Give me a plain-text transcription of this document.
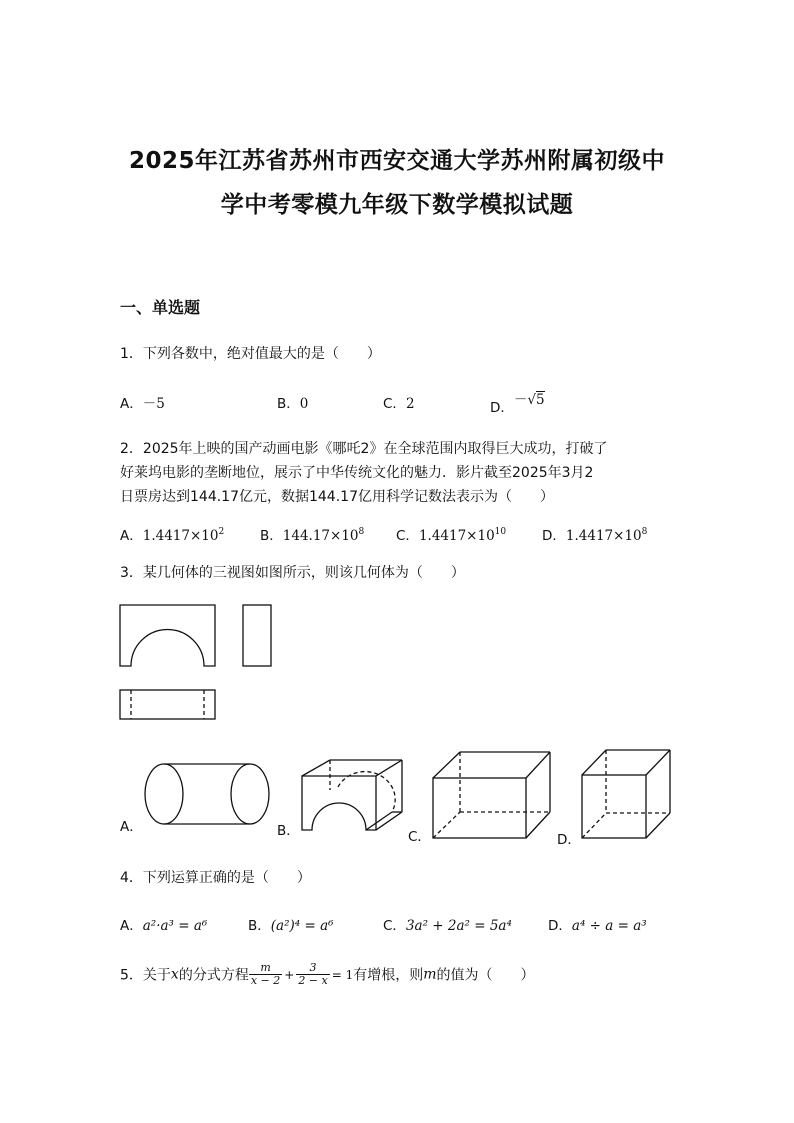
2025年江苏省苏州市西安交通大学苏州附属初级中
学中考零模九年级下数学模拟试题
一、单选题
1．下列各数中，绝对值最大的是（　　）
A．－5	B．0	C．2	D．－√5
2．2025年上映的国产动画电影《哪吒2》在全球范围内取得巨大成功，打破了
好莱坞电影的垄断地位，展示了中华传统文化的魅力．影片截至2025年3月2
日票房达到144.17亿元，数据144.17亿用科学记数法表示为（　　）
A．$1.4417\times 10^2$	B．$144.17\times 10^8$ C．$1.4417\times 10^{10}$	D．$1.4417\times 10^8$
3．某几何体的三视图如图所示，则该几何体为（　　）
A．	B．	C．	D．
4．下列运算正确的是（　　）
A．a²·a³ = a⁶	B．(a²)⁴ = a⁶	C．3a² + 2a² = 5a⁴	D．a⁴ ÷ a = a³
5．关于x的分式方程 $\frac{m}{x - 2} + \frac{3}{2 - x} = 1$有增根，则m的值为（　　）
